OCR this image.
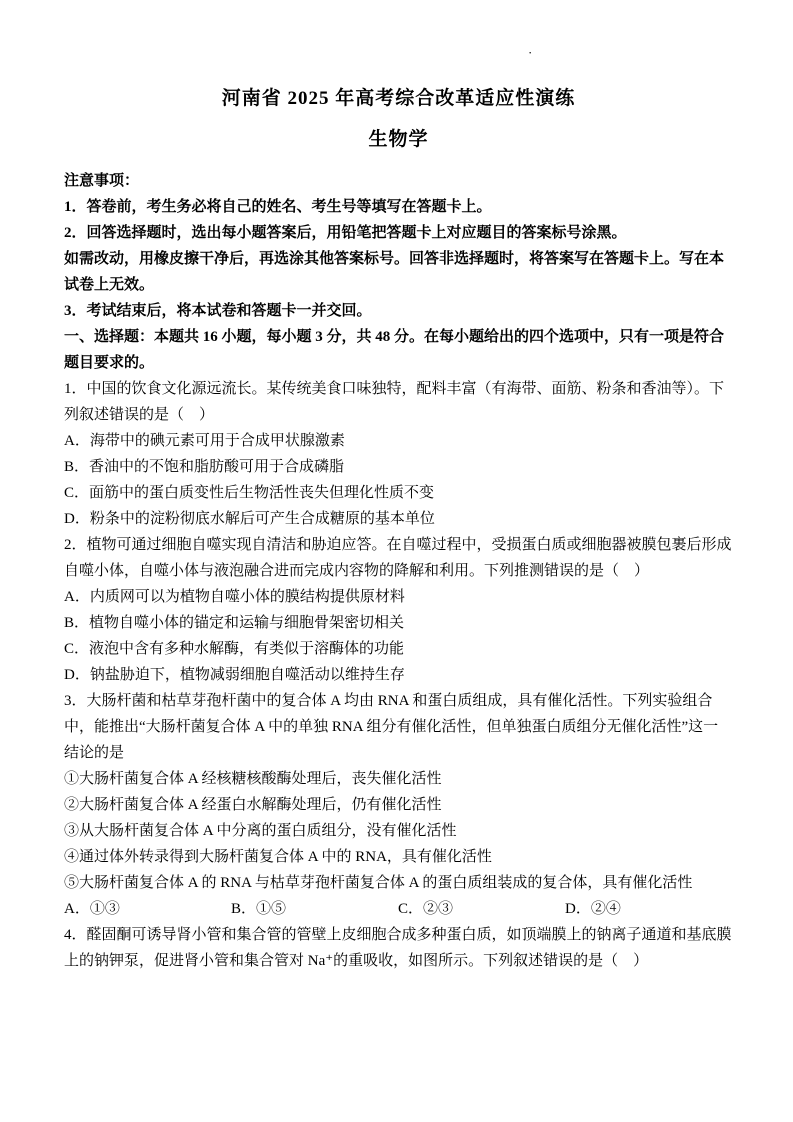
·
河南省 2025 年高考综合改革适应性演练
生物学

注意事项：

1．答卷前，考生务必将自己的姓名、考生号等填写在答题卡上。

2．回答选择题时，选出每小题答案后，用铅笔把答题卡上对应题目的答案标号涂黑。

如需改动，用橡皮擦干净后，再选涂其他答案标号。回答非选择题时，将答案写在答题卡上。写在本试卷上无效。

3．考试结束后，将本试卷和答题卡一并交回。

一、选择题：本题共 16 小题，每小题 3 分，共 48 分。在每小题给出的四个选项中，只有一项是符合题目要求的。

1．中国的饮食文化源远流长。某传统美食口味独特，配料丰富（有海带、面筋、粉条和香油等）。下列叙述错误的是（　）

A．海带中的碘元素可用于合成甲状腺激素

B．香油中的不饱和脂肪酸可用于合成磷脂

C．面筋中的蛋白质变性后生物活性丧失但理化性质不变

D．粉条中的淀粉彻底水解后可产生合成糖原的基本单位

2．植物可通过细胞自噬实现自清洁和胁迫应答。在自噬过程中，受损蛋白质或细胞器被膜包裹后形成自噬小体，自噬小体与液泡融合进而完成内容物的降解和利用。下列推测错误的是（　）

A．内质网可以为植物自噬小体的膜结构提供原材料

B．植物自噬小体的锚定和运输与细胞骨架密切相关

C．液泡中含有多种水解酶，有类似于溶酶体的功能

D．钠盐胁迫下，植物减弱细胞自噬活动以维持生存

3．大肠杆菌和枯草芽孢杆菌中的复合体 A 均由 RNA 和蛋白质组成，具有催化活性。下列实验组合中，能推出“大肠杆菌复合体 A 中的单独 RNA 组分有催化活性，但单独蛋白质组分无催化活性”这一结论的是

①大肠杆菌复合体 A 经核糖核酸酶处理后，丧失催化活性

②大肠杆菌复合体 A 经蛋白水解酶处理后，仍有催化活性

③从大肠杆菌复合体 A 中分离的蛋白质组分，没有催化活性

④通过体外转录得到大肠杆菌复合体 A 中的 RNA，具有催化活性

⑤大肠杆菌复合体 A 的 RNA 与枯草芽孢杆菌复合体 A 的蛋白质组装成的复合体，具有催化活性

A．①③	B．①⑤	C．②③	D．②④

4．醛固酮可诱导肾小管和集合管的管壁上皮细胞合成多种蛋白质，如顶端膜上的钠离子通道和基底膜上的钠钾泵，促进肾小管和集合管对 Na⁺的重吸收，如图所示。下列叙述错误的是（　）
